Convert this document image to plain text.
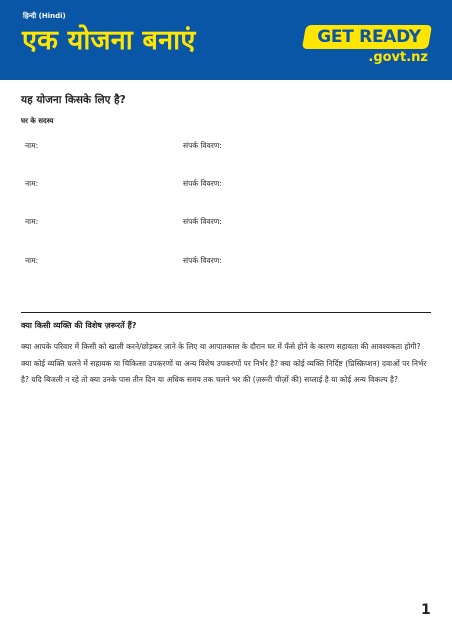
हिन्दी (Hindi)
एक योजना बनाएं	GET READY
.govt.nz
यह योजना किसके लिए है?
घर के सदस्य
नाम:	संपर्क विवरण:
नाम:	संपर्क विवरण:
नाम:	संपर्क विवरण:
नाम:	संपर्क विवरण:
क्या किसी व्यक्ति की विशेष ज़रूरतें हैं?
क्या आपके परिवार में किसी को खाली करने/छोड़कर जाने के लिए या आपातकाल के दौरान घर में फँसे होने के कारण सहायता की आवश्यकता होगी? क्या कोई व्यक्ति चलने में सहायक या चिकित्सा उपकरणों या अन्य विशेष उपकरणों पर निर्भर है? क्या कोई व्यक्ति निर्दिष्ट (प्रिस्क्रिप्शन) दवाओं पर निर्भर है? यदि बिजली न रहे तो क्या उनके पास तीन दिन या अधिक समय तक चलने भर की (ज़रूरी चीज़ों की) सप्लाई है या कोई अन्य विकल्प है?
1
